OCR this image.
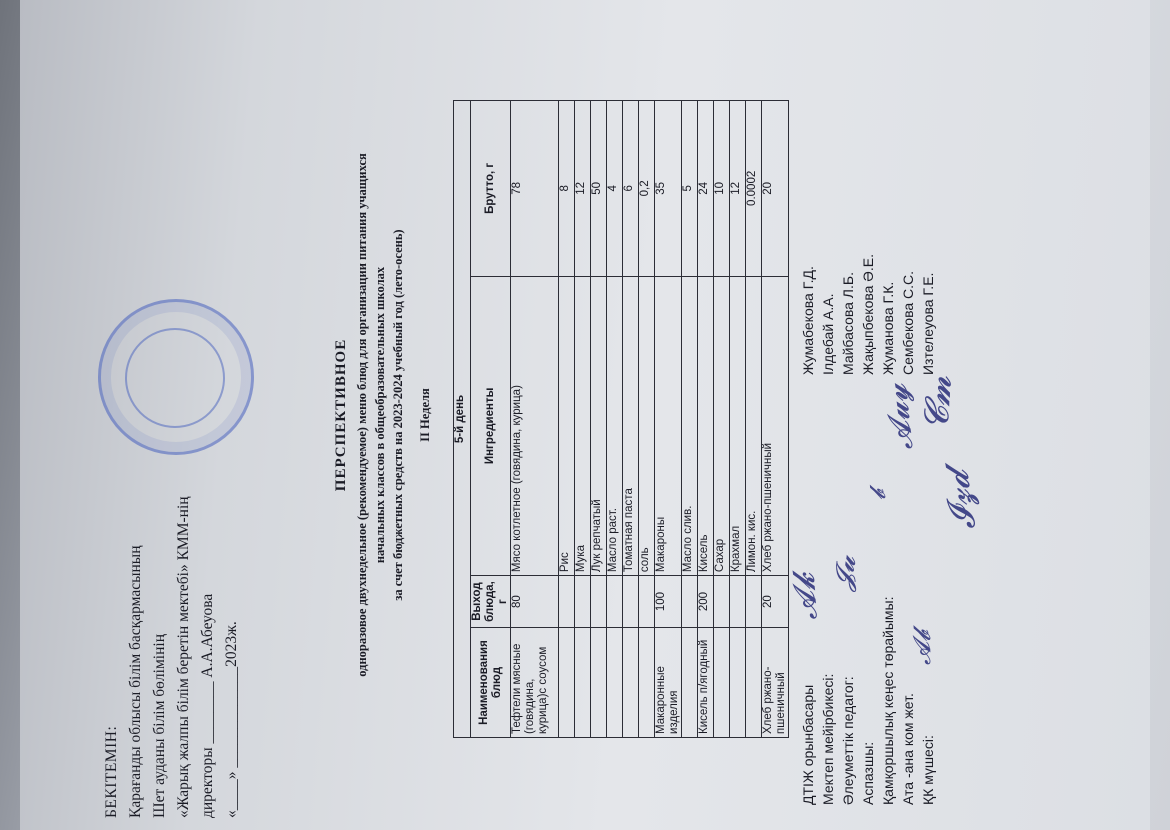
БЕКІТЕМІН: Қарағанды облысы білім басқармасының Шет ауданы білім бөлімінің «Жарық жалпы білім беретін мектебі» КММ-нің директоры ________ А.А.Абеуова
«____» _____________2023ж.
ПЕРСПЕКТИВНОЕ одноразовое двухнедельное (рекомендуемое) меню блюд для организации питания учащихся начальных классов в общеобразовательных школах за счет бюджетных средств на 2023-2024 учебный год (лето-осень) II Неделя 5-й день			
Наименования блюд	Выход блюда, г	Ингредиенты	Брутто, г
Тефтели мясные (говядина, курица)с соусом	80	Мясо котлетное (говядина, курица)	78
		Рис	8
		Мука	12
		Лук репчатый	50
		Масло раст.	4
		Томатная паста	6
		соль	0,2
Макаронные изделия	100	Макароны	35
		Масло слив.	5
Кисель п/ягодный	200	Кисель	24
		Сахар	10
		Крахмал	12
		Лимон. кис.	0.0002
Хлеб ржано-пшеничный	20	Хлеб ржано-пшеничный	20
ДТІЖ орынбасары
Жумабекова Г.Д.
Мектеп мейірбикесі:
Ілдебай А.А.
Әлеуметтік педагог:
Майбасова Л.Б.
Аспазшы:
Жақыпбекова Ә.Е.
Қамқоршылық кеңес төрайымы:
Жуманова Г.К.
Ата -ана ком жет.
Сембекова С.С.
ҚК мүшесі:
Изтелеуова Г.Е.
𝓐𝓴 𝓙𝓾
𝓫
𝓐𝓾𝔂
𝓐𝓫
𝓒𝓶
𝓘𝔃𝓭
